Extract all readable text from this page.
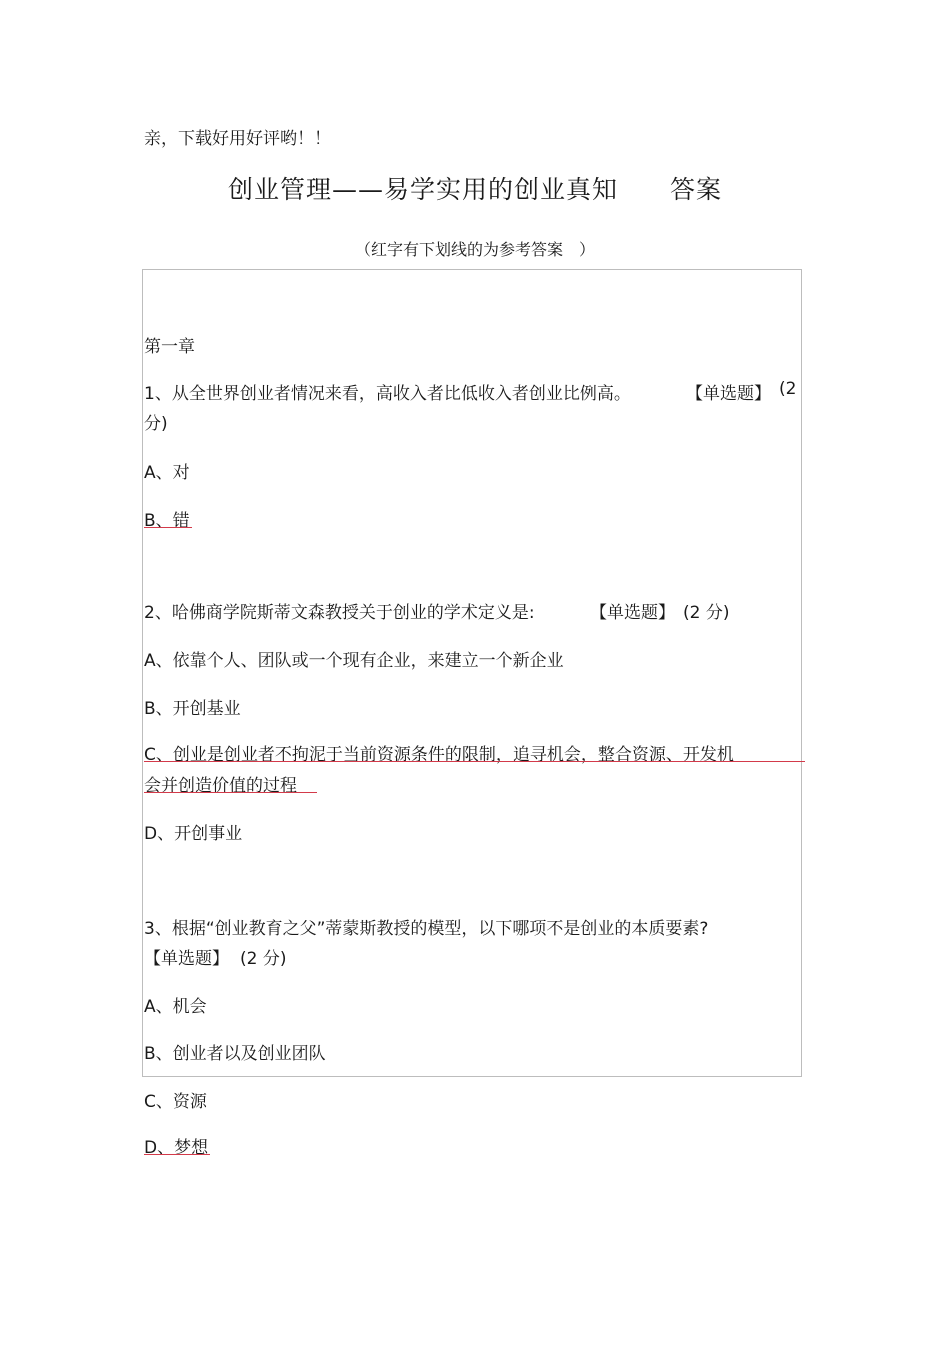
亲，下载好用好评哟！！
创业管理——易学实用的创业真知　　答案
（红字有下划线的为参考答案　）
第一章
1、从全世界创业者情况来看，高收入者比低收入者创业比例高。	【单选题】 (2
分)
A、对
B、错
2、哈佛商学院斯蒂文森教授关于创业的学术定义是:	【单选题】 (2 分)
A、依靠个人、团队或一个现有企业，来建立一个新企业
B、开创基业
C、创业是创业者不拘泥于当前资源条件的限制，追寻机会，整合资源、开发机
会并创造价值的过程
D、开创事业
3、根据“创业教育之父”蒂蒙斯教授的模型，以下哪项不是创业的本质要素?
【单选题】 (2 分)
A、机会
B、创业者以及创业团队
C、资源
D、梦想
